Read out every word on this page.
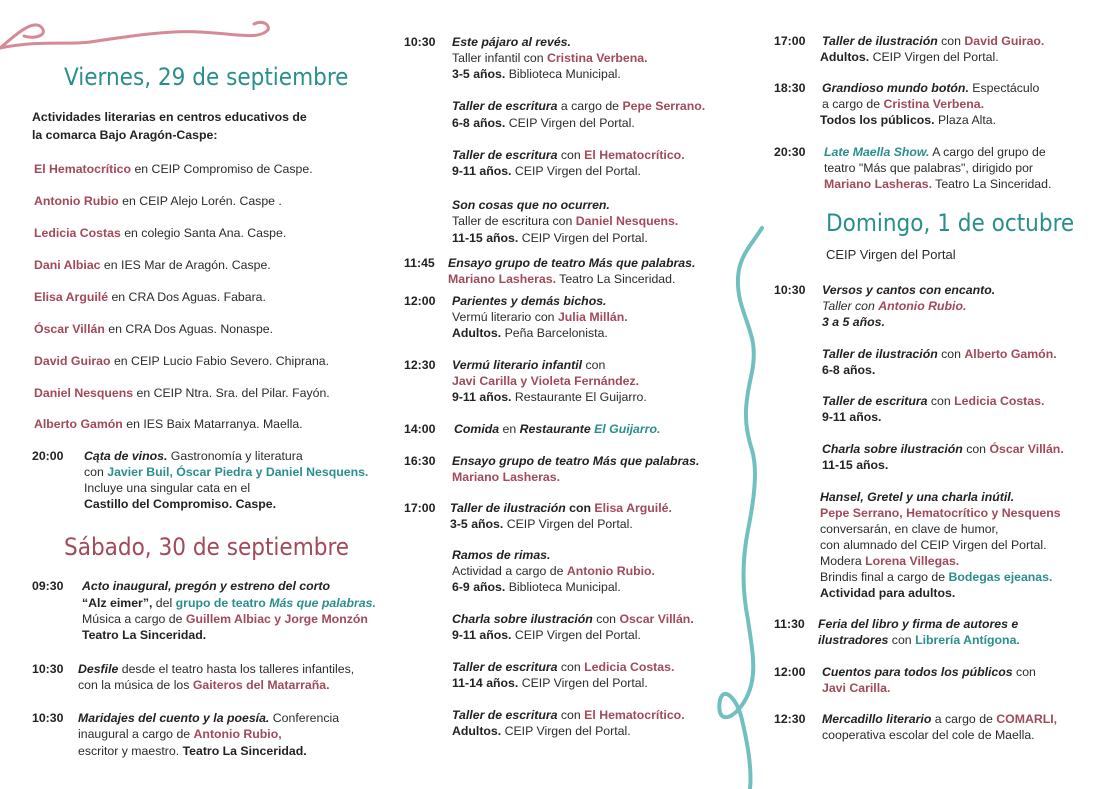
Viernes, 29 de septiembre
Actividades literarias en centros educativos de
la comarca Bajo Aragón-Caspe:
El Hematocrítico en CEIP Compromiso de Caspe.
Antonio Rubio en CEIP Alejo Lorén. Caspe .
Ledicia Costas en colegio Santa Ana. Caspe.
Dani Albiac en IES Mar de Aragón. Caspe.
Elisa Arguilé en CRA Dos Aguas. Fabara.
Óscar Villán en CRA Dos Aguas. Nonaspe.
David Guirao en CEIP Lucio Fabio Severo. Chiprana.
Daniel Nesquens en CEIP Ntra. Sra. del Pilar. Fayón.
Alberto Gamón en IES Baix Matarranya. Maella.
20:00 Cąta de vinos. Gastronomía y literatura
con Javier Buil, Óscar Piedra y Daniel Nesquens.
Incluye una singular cata en el
Castillo del Compromiso. Caspe.
Sábado, 30 de septiembre
09:30 Acto inaugural, pregón y estreno del corto
“Alz eimer”, del grupo de teatro Más que palabras.
Música a cargo de Guillem Albiac y Jorge Monzón
Teatro La Sinceridad.
10:30 Desfile desde el teatro hasta los talleres infantiles,
con la música de los Gaiteros del Matarraña.
10:30 Maridajes del cuento y la poesía. Conferencia
inaugural a cargo de Antonio Rubio,
escritor y maestro. Teatro La Sinceridad.
10:30 Este pájaro al revés.
Taller infantil con Cristina Verbena.
3-5 años. Biblioteca Municipal.
Taller de escritura a cargo de Pepe Serrano.
6-8 años. CEIP Virgen del Portal.
Taller de escritura con El Hematocrítico.
9-11 años. CEIP Virgen del Portal.
Son cosas que no ocurren.
Taller de escritura con Daniel Nesquens.
11-15 años. CEIP Virgen del Portal.
11:45 Ensayo grupo de teatro Más que palabras.
Mariano Lasheras. Teatro La Sinceridad.
12:00 Parientes y demás bichos.
Vermú literario con Julia Millán.
Adultos. Peña Barcelonista.
12:30 Vermú literario infantil con
Javi Carilla y Violeta Fernández.
9-11 años. Restaurante El Guijarro.
14:00 Comida en Restaurante El Guijarro.
16:30 Ensayo grupo de teatro Más que palabras.
Mariano Lasheras.
17:00 Taller de ilustración con Elisa Arguilé.
3-5 años. CEIP Virgen del Portal.
Ramos de rimas.
Actividad a cargo de Antonio Rubio.
6-9 años. Biblioteca Municipal.
Charla sobre ilustración con Oscar Villán.
9-11 años. CEIP Virgen del Portal.
Taller de escritura con Ledicia Costas.
11-14 años. CEIP Virgen del Portal.
Taller de escritura con El Hematocrítico.
Adultos. CEIP Virgen del Portal.
17:00 Taller de ilustración con David Guirao.
Adultos. CEIP Virgen del Portal.
18:30 Grandioso mundo botón. Espectáculo
a cargo de Cristina Verbena.
Todos los públicos. Plaza Alta.
20:30 Late Maella Show. A cargo del grupo de
teatro "Más que palabras", dirigido por
Mariano Lasheras. Teatro La Sinceridad.
Domingo, 1 de octubre
CEIP Virgen del Portal
10:30 Versos y cantos con encanto.
Taller con Antonio Rubio.
3 a 5 años.
Taller de ilustración con Alberto Gamón.
6-8 años.
Taller de escritura con Ledicia Costas.
9-11 años.
Charla sobre ilustración con Óscar Villán.
11-15 años.
Hansel, Gretel y una charla inútil.
Pepe Serrano, Hematocrítico y Nesquens
conversarán, en clave de humor,
con alumnado del CEIP Virgen del Portal.
Modera Lorena Villegas.
Brindis final a cargo de Bodegas ejeanas.
Actividad para adultos.
11:30 Feria del libro y firma de autores e
ilustradores con Librería Antígona.
12:00 Cuentos para todos los públicos con
Javi Carilla.
12:30 Mercadillo literario a cargo de COMARLI,
cooperativa escolar del cole de Maella.
